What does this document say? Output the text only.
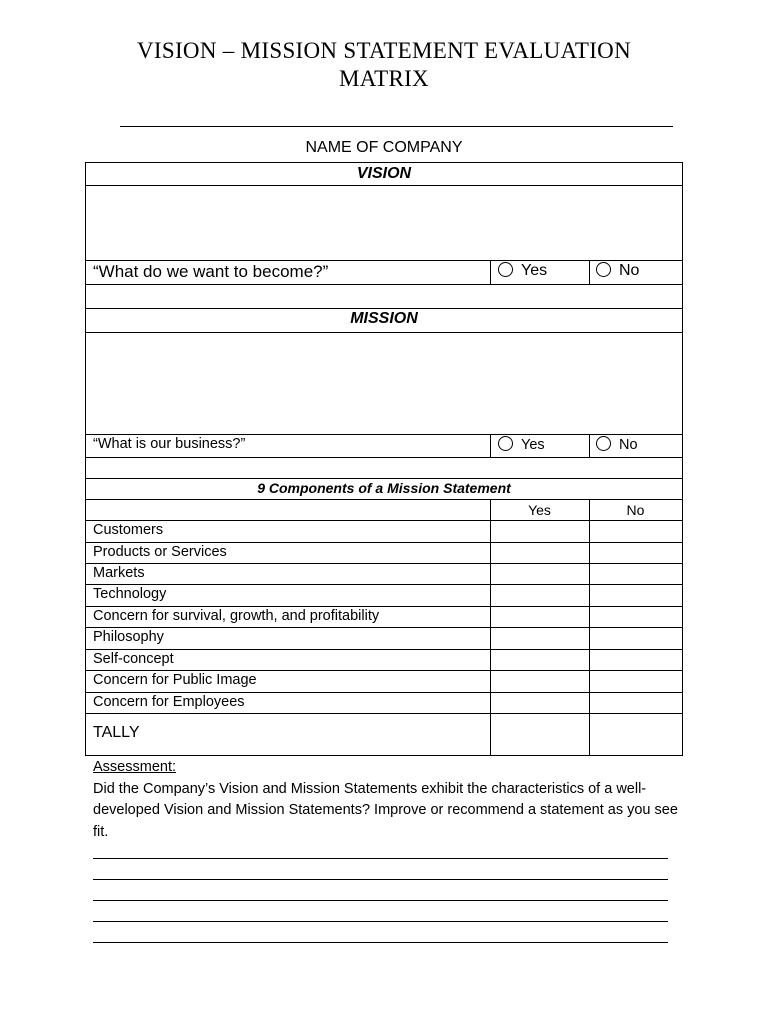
VISION – MISSION STATEMENT EVALUATION
MATRIX
NAME OF COMPANY
VISION
“What do we want to become?”	Yes	No
MISSION
“What is our business?”	Yes	No
9 Components of a Mission Statement
Yes	No
Customers
Products or Services
Markets
Technology
Concern for survival, growth, and profitability
Philosophy
Self-concept
Concern for Public Image
Concern for Employees
TALLY
Assessment:
Did the Company’s Vision and Mission Statements exhibit the characteristics of a well-developed Vision and Mission Statements? Improve or recommend a statement as you see fit.
